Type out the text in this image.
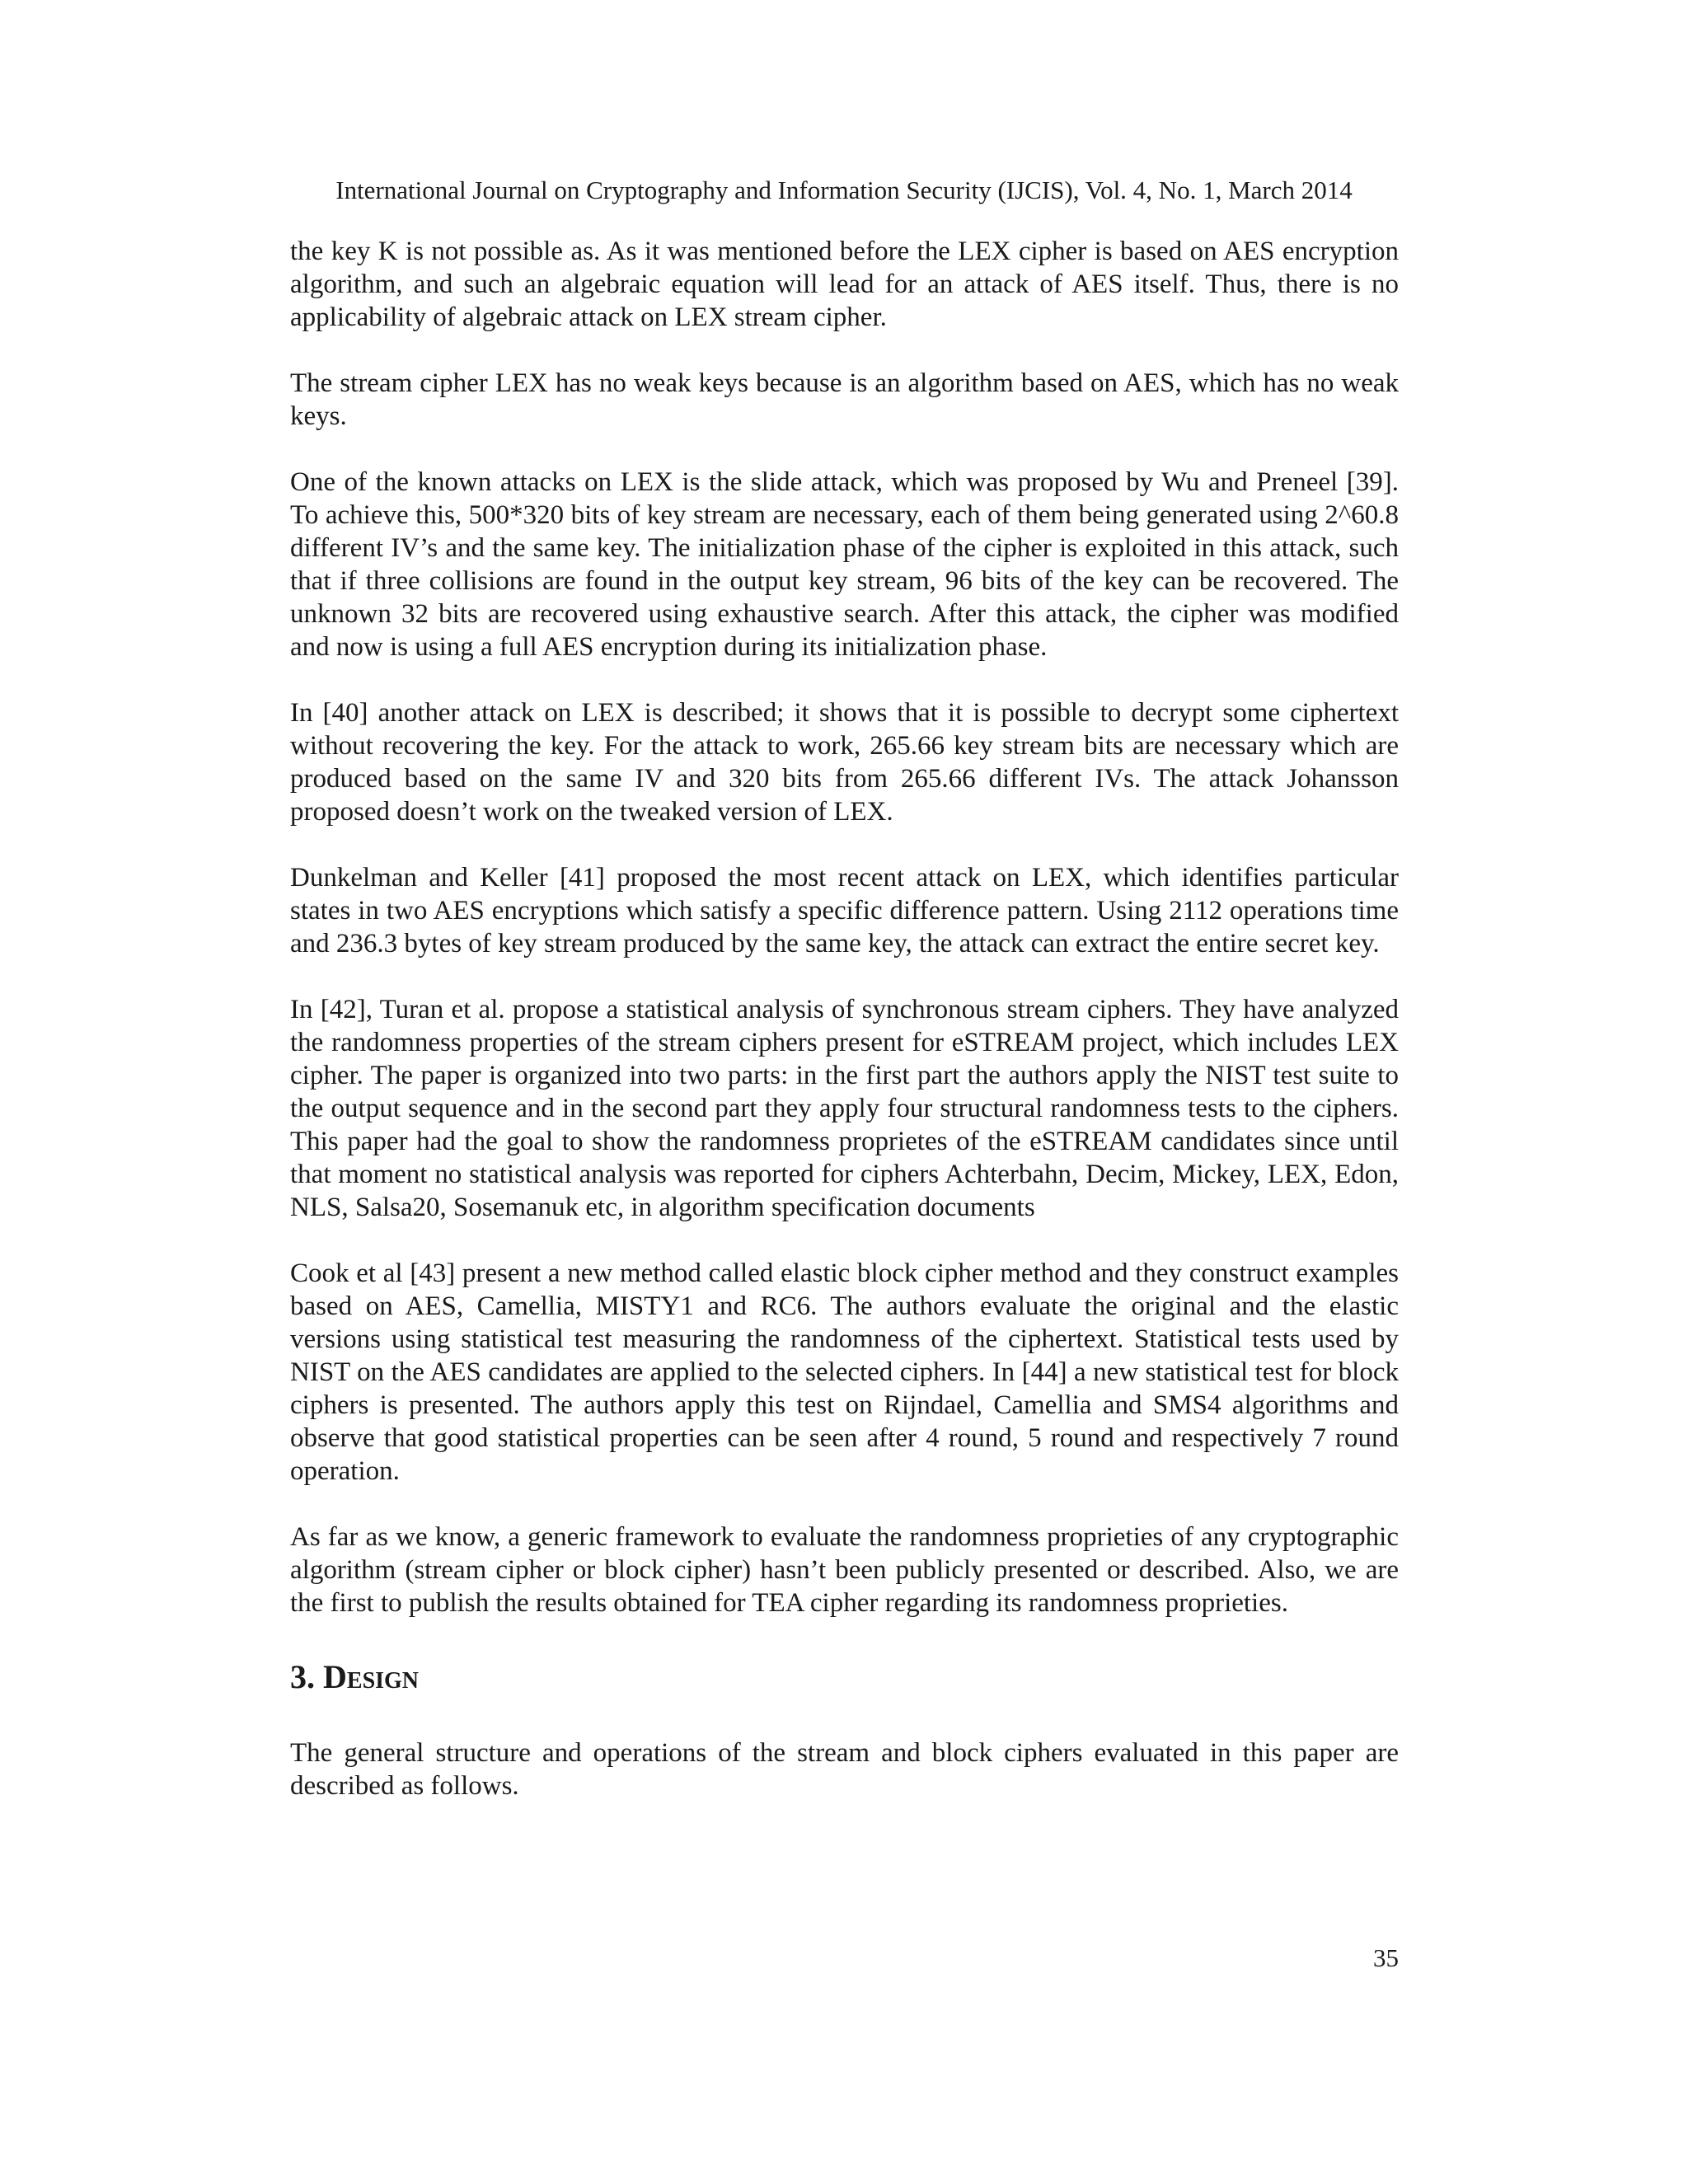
International Journal on Cryptography and Information Security (IJCIS), Vol. 4, No. 1, March 2014

the key K is not possible as. As it was mentioned before the LEX cipher is based on AES encryption algorithm, and such an algebraic equation will lead for an attack of AES itself. Thus, there is no applicability of algebraic attack on LEX stream cipher.

The stream cipher LEX has no weak keys because is an algorithm based on AES, which has no weak keys.

One of the known attacks on LEX is the slide attack, which was proposed by Wu and Preneel [39]. To achieve this, 500*320 bits of key stream are necessary, each of them being generated using 2^60.8 different IV’s and the same key. The initialization phase of the cipher is exploited in this attack, such that if three collisions are found in the output key stream, 96 bits of the key can be recovered. The unknown 32 bits are recovered using exhaustive search. After this attack, the cipher was modified and now is using a full AES encryption during its initialization phase.

In [40] another attack on LEX is described; it shows that it is possible to decrypt some ciphertext without recovering the key. For the attack to work, 265.66 key stream bits are necessary which are produced based on the same IV and 320 bits from 265.66 different IVs. The attack Johansson proposed doesn’t work on the tweaked version of LEX.

Dunkelman and Keller [41] proposed the most recent attack on LEX, which identifies particular states in two AES encryptions which satisfy a specific difference pattern. Using 2112 operations time and 236.3 bytes of key stream produced by the same key, the attack can extract the entire secret key.

In [42], Turan et al. propose a statistical analysis of synchronous stream ciphers. They have analyzed the randomness properties of the stream ciphers present for eSTREAM project, which includes LEX cipher. The paper is organized into two parts: in the first part the authors apply the NIST test suite to the output sequence and in the second part they apply four structural randomness tests to the ciphers. This paper had the goal to show the randomness proprietes of the eSTREAM candidates since until that moment no statistical analysis was reported for ciphers Achterbahn, Decim, Mickey, LEX, Edon, NLS, Salsa20, Sosemanuk etc, in algorithm specification documents

Cook et al [43] present a new method called elastic block cipher method and they construct examples based on AES, Camellia, MISTY1 and RC6. The authors evaluate the original and the elastic versions using statistical test measuring the randomness of the ciphertext. Statistical tests used by NIST on the AES candidates are applied to the selected ciphers. In [44] a new statistical test for block ciphers is presented. The authors apply this test on Rijndael, Camellia and SMS4 algorithms and observe that good statistical properties can be seen after 4 round, 5 round and respectively 7 round operation.

As far as we know, a generic framework to evaluate the randomness proprieties of any cryptographic algorithm (stream cipher or block cipher) hasn’t been publicly presented or described. Also, we are the first to publish the results obtained for TEA cipher regarding its randomness proprieties.

3. Design

The general structure and operations of the stream and block ciphers evaluated in this paper are described as follows.

35
